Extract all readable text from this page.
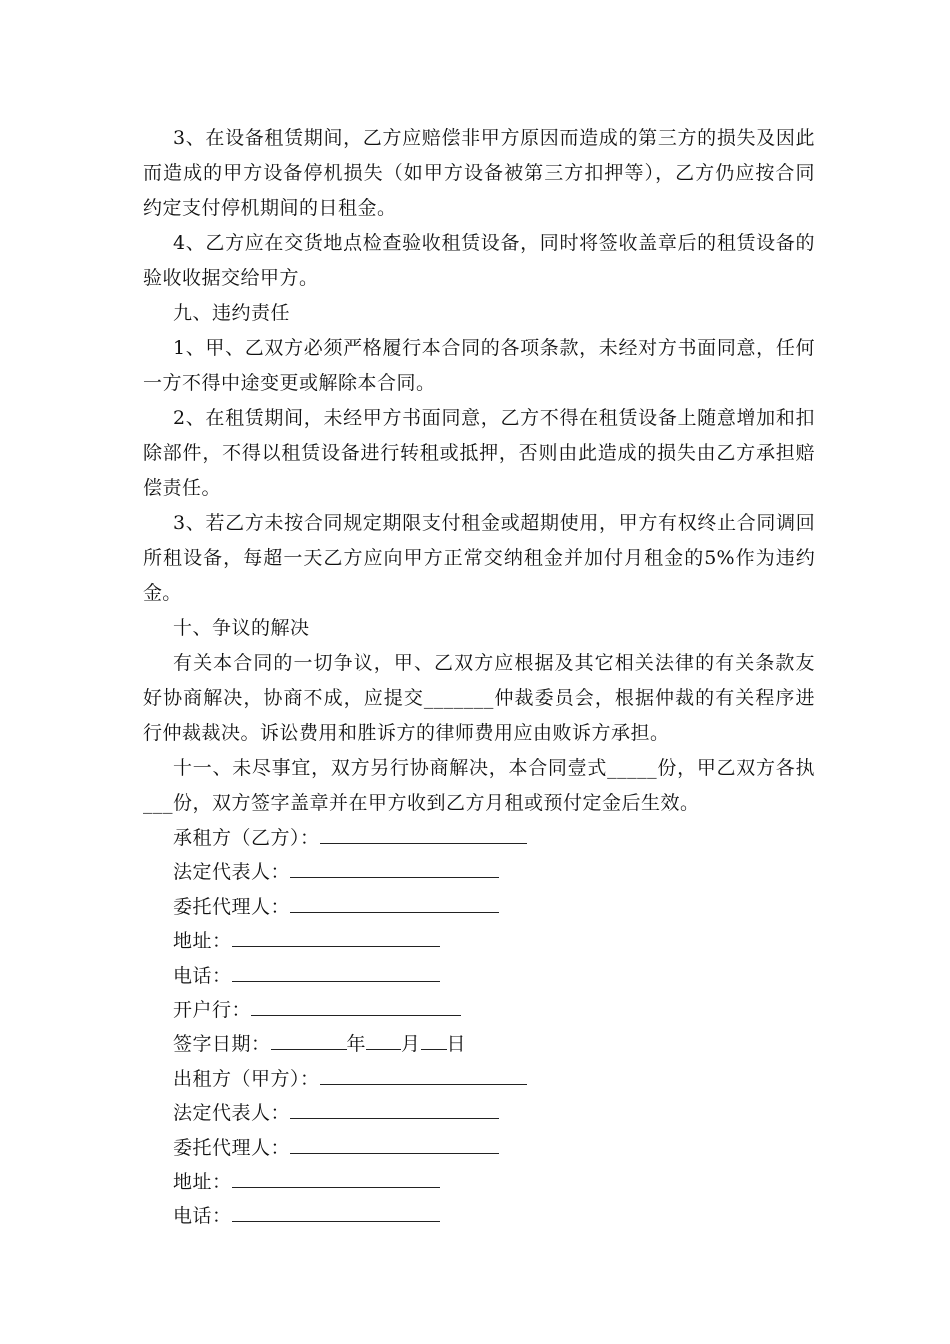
3、在设备租赁期间，乙方应赔偿非甲方原因而造成的第三方的损失及因此而造成的甲方设备停机损失（如甲方设备被第三方扣押等），乙方仍应按合同约定支付停机期间的日租金。

4、乙方应在交货地点检查验收租赁设备，同时将签收盖章后的租赁设备的验收收据交给甲方。

九、违约责任

1、甲、乙双方必须严格履行本合同的各项条款，未经对方书面同意，任何一方不得中途变更或解除本合同。

2、在租赁期间，未经甲方书面同意，乙方不得在租赁设备上随意增加和扣除部件，不得以租赁设备进行转租或抵押，否则由此造成的损失由乙方承担赔偿责任。

3、若乙方未按合同规定期限支付租金或超期使用，甲方有权终止合同调回所租设备，每超一天乙方应向甲方正常交纳租金并加付月租金的5%作为违约金。

十、争议的解决

有关本合同的一切争议，甲、乙双方应根据及其它相关法律的有关条款友好协商解决，协商不成，应提交_______仲裁委员会，根据仲裁的有关程序进行仲裁裁决。诉讼费用和胜诉方的律师费用应由败诉方承担。

十一、未尽事宜，双方另行协商解决，本合同壹式_____份，甲乙双方各执___份，双方签字盖章并在甲方收到乙方月租或预付定金后生效。

承租方（乙方）：
法定代表人：
委托代理人：
地址：
电话：
开户行：
签字日期：	年 月 日
出租方（甲方）：
法定代表人：
委托代理人：
地址：
电话：
